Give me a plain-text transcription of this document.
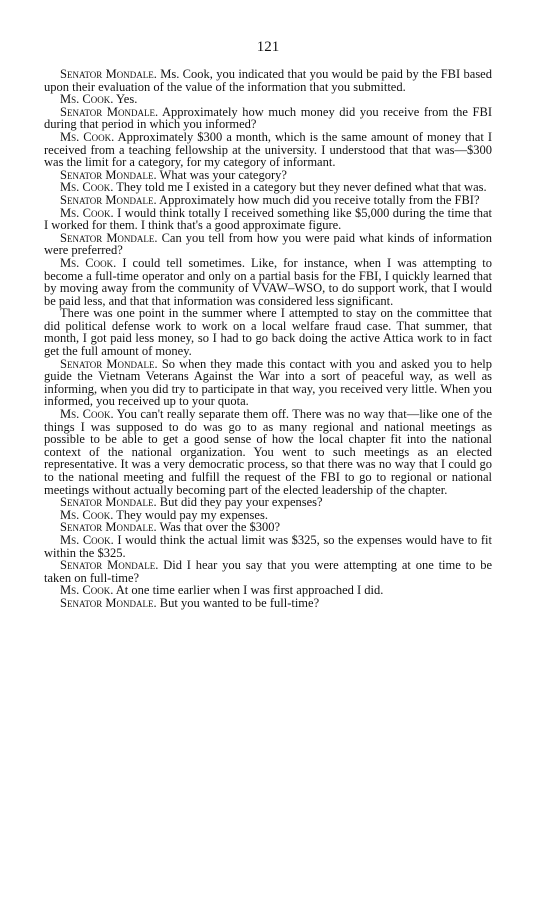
121

Senator Mondale. Ms. Cook, you indicated that you would be paid by the FBI based upon their evaluation of the value of the information that you submitted.

Ms. Cook. Yes.

Senator Mondale. Approximately how much money did you receive from the FBI during that period in which you informed?

Ms. Cook. Approximately $300 a month, which is the same amount of money that I received from a teaching fellowship at the university. I understood that that was—$300 was the limit for a category, for my category of informant.

Senator Mondale. What was your category?

Ms. Cook. They told me I existed in a category but they never defined what that was.

Senator Mondale. Approximately how much did you receive totally from the FBI?

Ms. Cook. I would think totally I received something like $5,000 during the time that I worked for them. I think that's a good approximate figure.

Senator Mondale. Can you tell from how you were paid what kinds of information were preferred?

Ms. Cook. I could tell sometimes. Like, for instance, when I was attempting to become a full-time operator and only on a partial basis for the FBI, I quickly learned that by moving away from the community of VVAW–WSO, to do support work, that I would be paid less, and that that information was considered less significant.

There was one point in the summer where I attempted to stay on the committee that did political defense work to work on a local welfare fraud case. That summer, that month, I got paid less money, so I had to go back doing the active Attica work to in fact get the full amount of money.

Senator Mondale. So when they made this contact with you and asked you to help guide the Vietnam Veterans Against the War into a sort of peaceful way, as well as informing, when you did try to participate in that way, you received very little. When you informed, you received up to your quota.

Ms. Cook. You can't really separate them off. There was no way that—like one of the things I was supposed to do was go to as many regional and national meetings as possible to be able to get a good sense of how the local chapter fit into the national context of the national organization. You went to such meetings as an elected representative. It was a very democratic process, so that there was no way that I could go to the national meeting and fulfill the request of the FBI to go to regional or national meetings without actually becoming part of the elected leadership of the chapter.

Senator Mondale. But did they pay your expenses?

Ms. Cook. They would pay my expenses.

Senator Mondale. Was that over the $300?

Ms. Cook. I would think the actual limit was $325, so the expenses would have to fit within the $325.

Senator Mondale. Did I hear you say that you were attempting at one time to be taken on full-time?

Ms. Cook. At one time earlier when I was first approached I did.

Senator Mondale. But you wanted to be full-time?
